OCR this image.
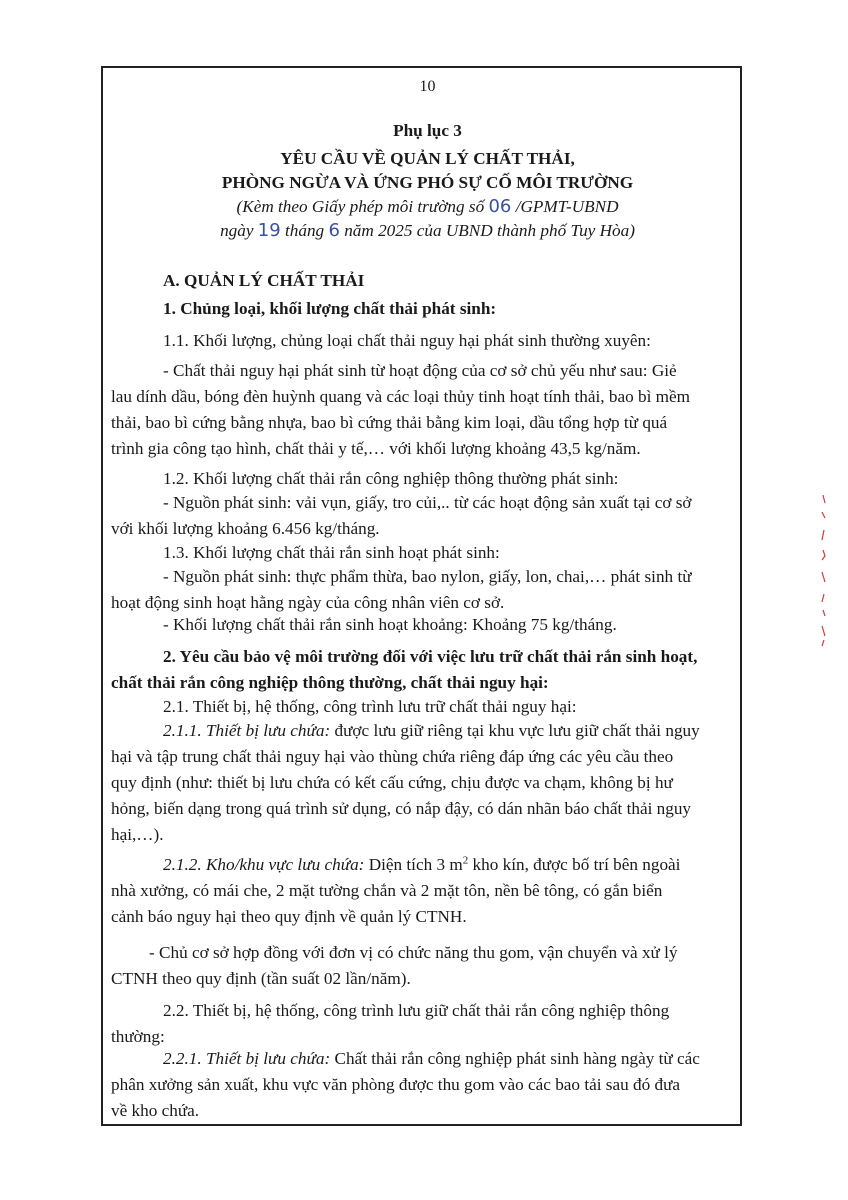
10

Phụ lục 3

YÊU CẦU VỀ QUẢN LÝ CHẤT THẢI,

PHÒNG NGỪA VÀ ỨNG PHÓ SỰ CỐ MÔI TRƯỜNG

(Kèm theo Giấy phép môi trường số 06 /GPMT-UBND

ngày 19 tháng 6 năm 2025 của UBND thành phố Tuy Hòa)

A. QUẢN LÝ CHẤT THẢI

1. Chủng loại, khối lượng chất thải phát sinh:

1.1. Khối lượng, chủng loại chất thải nguy hại phát sinh thường xuyên:

- Chất thải nguy hại phát sinh từ hoạt động của cơ sở chủ yếu như sau: Giẻ
lau dính dầu, bóng đèn huỳnh quang và các loại thủy tinh hoạt tính thải, bao bì mềm
thải, bao bì cứng bằng nhựa, bao bì cứng thải bằng kim loại, dầu tổng hợp từ quá
trình gia công tạo hình, chất thải y tế,… với khối lượng khoảng 43,5 kg/năm.

1.2. Khối lượng chất thải rắn công nghiệp thông thường phát sinh:

- Nguồn phát sinh: vải vụn, giấy, tro củi,.. từ các hoạt động sản xuất tại cơ sở
với khối lượng khoảng 6.456 kg/tháng.

1.3. Khối lượng chất thải rắn sinh hoạt phát sinh:

- Nguồn phát sinh: thực phẩm thừa, bao nylon, giấy, lon, chai,… phát sinh từ
hoạt động sinh hoạt hằng ngày của công nhân viên cơ sở.

- Khối lượng chất thải rắn sinh hoạt khoảng: Khoảng 75 kg/tháng.

2. Yêu cầu bảo vệ môi trường đối với việc lưu trữ chất thải rắn sinh hoạt,
chất thải rắn công nghiệp thông thường, chất thải nguy hại:

2.1. Thiết bị, hệ thống, công trình lưu trữ chất thải nguy hại:

2.1.1. Thiết bị lưu chứa: được lưu giữ riêng tại khu vực lưu giữ chất thải nguy
hại và tập trung chất thải nguy hại vào thùng chứa riêng đáp ứng các yêu cầu theo
quy định (như: thiết bị lưu chứa có kết cấu cứng, chịu được va chạm, không bị hư
hỏng, biến dạng trong quá trình sử dụng, có nắp đậy, có dán nhãn báo chất thải nguy
hại,…).
2.1.2. Kho/khu vực lưu chứa: Diện tích 3 $m^2$ kho kín, được bố trí bên ngoài
nhà xưởng, có mái che, 2 mặt tường chắn và 2 mặt tôn, nền bê tông, có gắn biển
cảnh báo nguy hại theo quy định về quản lý CTNH.
- Chủ cơ sở hợp đồng với đơn vị có chức năng thu gom, vận chuyển và xử lý
CTNH theo quy định (tần suất 02 lần/năm).
2.2. Thiết bị, hệ thống, công trình lưu giữ chất thải rắn công nghiệp thông
thường:
2.2.1. Thiết bị lưu chứa: Chất thải rắn công nghiệp phát sinh hàng ngày từ các
phân xưởng sản xuất, khu vực văn phòng được thu gom vào các bao tải sau đó đưa
về kho chứa.
